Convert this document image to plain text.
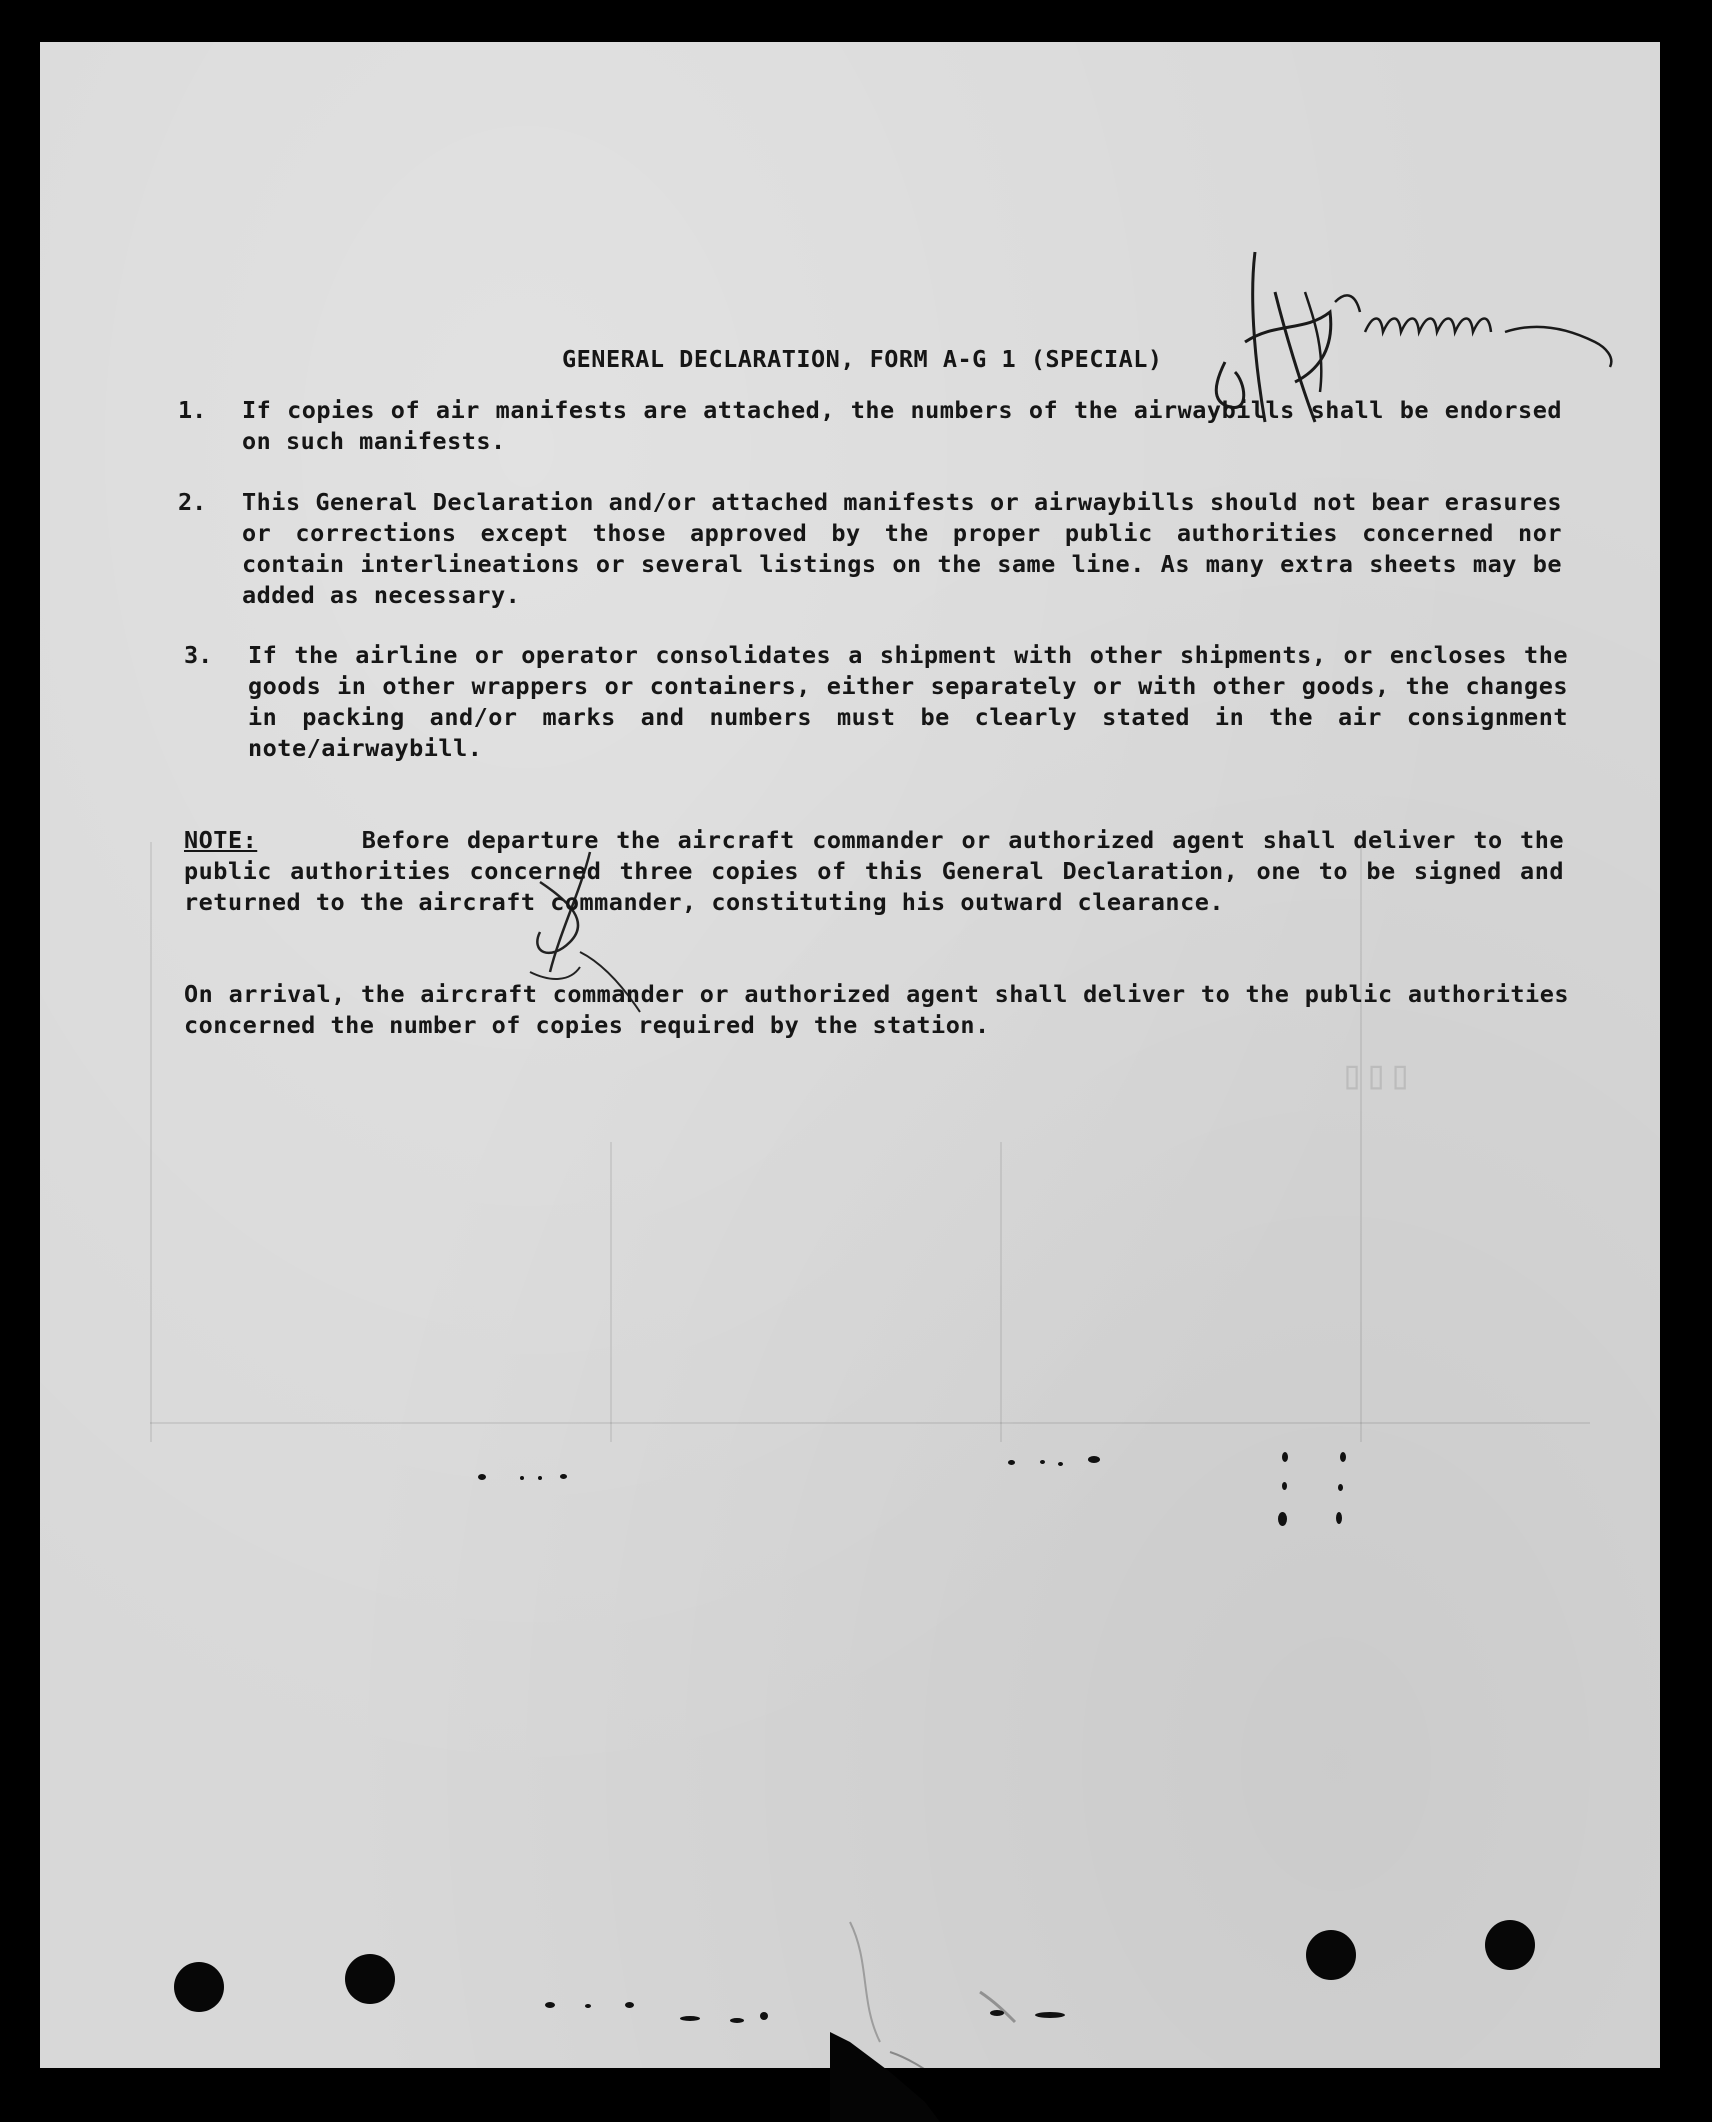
▯▯▯
GENERAL DECLARATION, FORM A-G 1 (SPECIAL)
1. If copies of air manifests are attached, the numbers of the airwaybills shall be endorsed on such manifests.
2. This General Declaration and/or attached manifests or airwaybills should not bear erasures or corrections except those approved by the proper public authorities concerned nor contain interlineations or several listings on the same line. As many extra sheets may be added as necessary.
3. If the airline or operator consolidates a shipment with other shipments, or encloses the goods in other wrappers or containers, either separately or with other goods, the changes in packing and/or marks and numbers must be clearly stated in the air consignment note/airwaybill.
NOTE:	Before departure the aircraft commander or authorized agent shall deliver to the public authorities concerned three copies of this General Declaration, one to be signed and returned to the aircraft commander, constituting his outward clearance.
On arrival, the aircraft commander or authorized agent shall deliver to the public authorities concerned the number of copies required by the station.
